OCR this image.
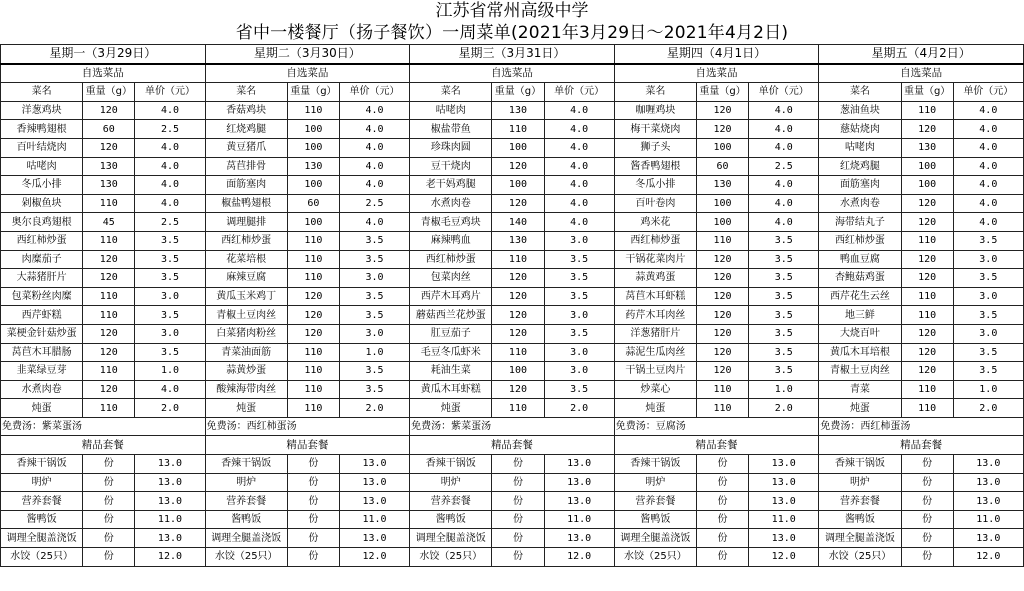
江苏省常州高级中学
省中一楼餐厅（扬子餐饮）一周菜单(2021年3月29日～2021年4月2日)
星期一（3月29日）			星期二（3月30日）			星期三（3月31日）			星期四（4月1日）			星期五（4月2日）		
自选菜品			自选菜品			自选菜品			自选菜品			自选菜品		
菜名	重量（g）	单价（元）	菜名	重量（g）	单价（元）	菜名	重量（g）	单价（元）	菜名	重量（g）	单价（元）	菜名	重量（g）	单价（元）
洋葱鸡块	120	4.0	香菇鸡块	110	4.0	咕咾肉	130	4.0	咖喱鸡块	120	4.0	葱油鱼块	110	4.0
香辣鸭翅根	60	2.5	红烧鸡腿	100	4.0	椒盐带鱼	110	4.0	梅干菜烧肉	120	4.0	慈姑烧肉	120	4.0
百叶结烧肉	120	4.0	黄豆猪爪	100	4.0	珍珠肉圆	100	4.0	狮子头	100	4.0	咕咾肉	130	4.0
咕咾肉	130	4.0	莴苣排骨	130	4.0	豆干烧肉	120	4.0	酱香鸭翅根	60	2.5	红烧鸡腿	100	4.0
冬瓜小排	130	4.0	面筋塞肉	100	4.0	老干妈鸡腿	100	4.0	冬瓜小排	130	4.0	面筋塞肉	100	4.0
剁椒鱼块	110	4.0	椒盐鸭翅根	60	2.5	水煮肉卷	120	4.0	百叶卷肉	100	4.0	水煮肉卷	120	4.0
奥尔良鸡翅根	45	2.5	调理腿排	100	4.0	青椒毛豆鸡块	140	4.0	鸡米花	100	4.0	海带结丸子	120	4.0
西红柿炒蛋	110	3.5	西红柿炒蛋	110	3.5	麻辣鸭血	130	3.0	西红柿炒蛋	110	3.5	西红柿炒蛋	110	3.5
肉糜茄子	120	3.5	花菜培根	110	3.5	西红柿炒蛋	110	3.5	干锅花菜肉片	120	3.5	鸭血豆腐	120	3.0
大蒜猪肝片	120	3.5	麻辣豆腐	110	3.0	包菜肉丝	120	3.5	蒜黄鸡蛋	120	3.5	杏鲍菇鸡蛋	120	3.5
包菜粉丝肉糜	110	3.0	黄瓜玉米鸡丁	120	3.5	西芹木耳鸡片	120	3.5	莴苣木耳虾糕	120	3.5	西芹花生云丝	110	3.0
西芹虾糕	110	3.5	青椒土豆肉丝	120	3.5	蘑菇西兰花炒蛋	120	3.0	药芹木耳肉丝	120	3.5	地三鲜	110	3.5
菜梗金针菇炒蛋	120	3.0	白菜猪肉粉丝	120	3.0	肛豆茄子	120	3.5	洋葱猪肝片	120	3.5	大烧百叶	120	3.0
莴苣木耳腊肠	120	3.5	青菜油面筋	110	1.0	毛豆冬瓜虾米	110	3.0	蒜泥生瓜肉丝	120	3.5	黄瓜木耳培根	120	3.5
韭菜绿豆芽	110	1.0	蒜黄炒蛋	110	3.5	耗油生菜	100	3.0	干锅土豆肉片	120	3.5	青椒土豆肉丝	120	3.5
水煮肉卷	120	4.0	酸辣海带肉丝	110	3.5	黄瓜木耳虾糕	120	3.5	炒菜心	110	1.0	青菜	110	1.0
炖蛋	110	2.0	炖蛋	110	2.0	炖蛋	110	2.0	炖蛋	110	2.0	炖蛋	110	2.0
免费汤：紫菜蛋汤			免费汤：西红柿蛋汤			免费汤：紫菜蛋汤			免费汤：豆腐汤			免费汤：西红柿蛋汤		
精品套餐			精品套餐			精品套餐			精品套餐			精品套餐		
香辣干锅饭	份	13.0	香辣干锅饭	份	13.0	香辣干锅饭	份	13.0	香辣干锅饭	份	13.0	香辣干锅饭	份	13.0
明炉	份	13.0	明炉	份	13.0	明炉	份	13.0	明炉	份	13.0	明炉	份	13.0
营养套餐	份	13.0	营养套餐	份	13.0	营养套餐	份	13.0	营养套餐	份	13.0	营养套餐	份	13.0
酱鸭饭	份	11.0	酱鸭饭	份	11.0	酱鸭饭	份	11.0	酱鸭饭	份	11.0	酱鸭饭	份	11.0
调理全腿盖浇饭	份	13.0	调理全腿盖浇饭	份	13.0	调理全腿盖浇饭	份	13.0	调理全腿盖浇饭	份	13.0	调理全腿盖浇饭	份	13.0
水饺（25只）	份	12.0	水饺（25只）	份	12.0	水饺（25只）	份	12.0	水饺（25只）	份	12.0	水饺（25只）	份	12.0
